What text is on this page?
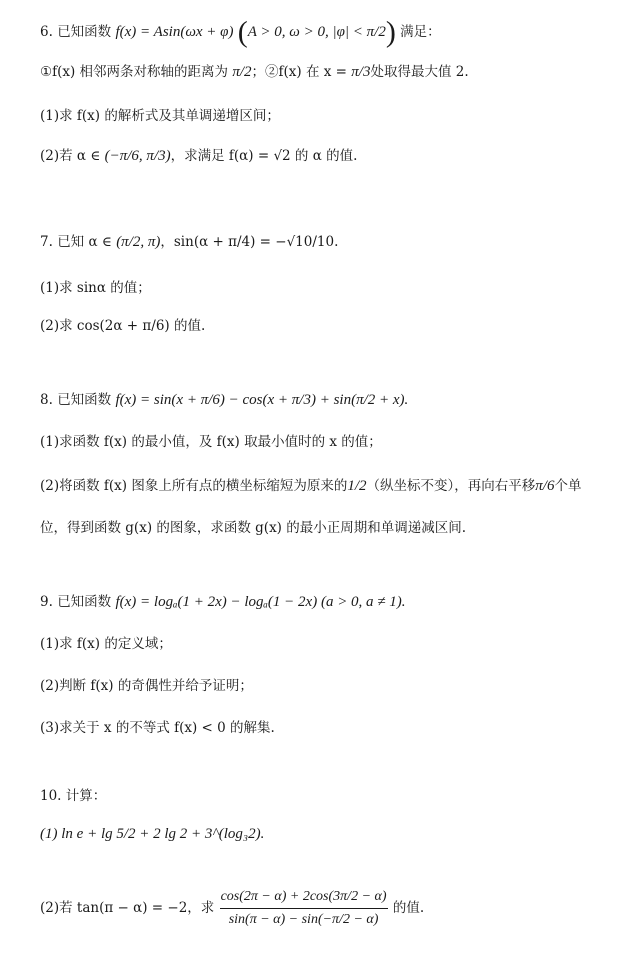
6. 已知函数 f(x) = Asin(ωx + φ) (A > 0, ω > 0, |φ| < π/2) 满足：
①f(x) 相邻两条对称轴的距离为 π/2；②f(x) 在 x = π/3处取得最大值 2.
(1)求 f(x) 的解析式及其单调递增区间；
(2)若 α ∈ (−π/6, π/3)，求满足 f(α) = √2 的 α 的值.
7. 已知 α ∈ (π/2, π)，sin(α + π/4) = −√10/10.
(1)求 sinα 的值；
(2)求 cos(2α + π/6) 的值.
8. 已知函数 f(x) = sin(x + π/6) − cos(x + π/3) + sin(π/2 + x).
(1)求函数 f(x) 的最小值，及 f(x) 取最小值时的 x 的值；
(2)将函数 f(x) 图象上所有点的横坐标缩短为原来的1/2（纵坐标不变），再向右平移π/6个单
位，得到函数 g(x) 的图象，求函数 g(x) 的最小正周期和单调递减区间.
9. 已知函数 f(x) = logₐ(1 + 2x) − logₐ(1 − 2x) (a > 0, a ≠ 1).
(1)求 f(x) 的定义域；
(2)判断 f(x) 的奇偶性并给予证明；
(3)求关于 x 的不等式 f(x) < 0 的解集.
10. 计算：
(1) ln e + lg 5/2 + 2 lg 2 + 3^(log₃2).
(2)若 tan(π − α) = −2，求 $\frac{\cos(2\pi - \alpha) + 2\cos(3\pi/2 - \alpha)}{\sin(\pi - \alpha) - \sin(-\pi/2 - \alpha)}$ 的值.
